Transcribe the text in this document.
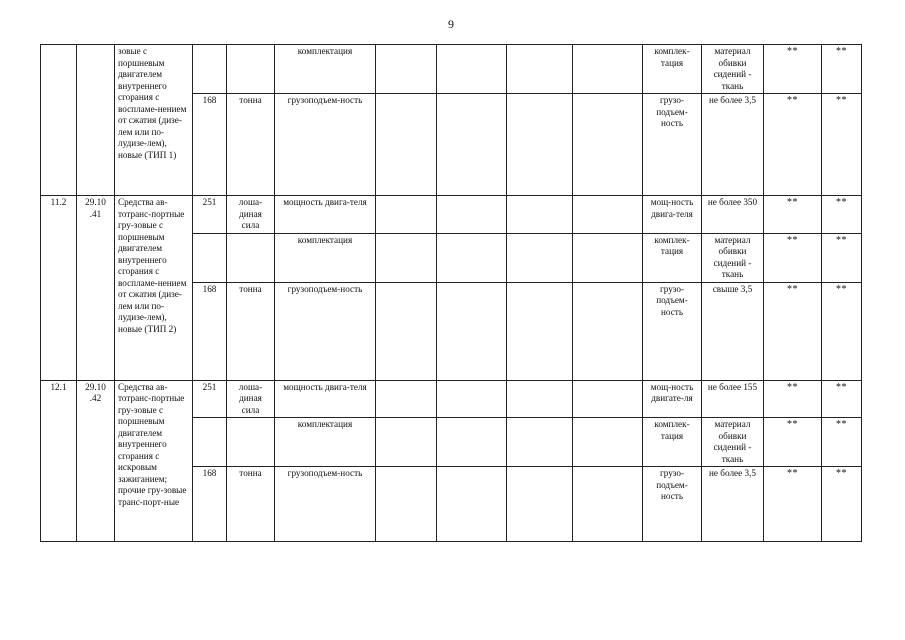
9
		зовые с поршневым двигателем внутреннего сгорания с воспламе-нением от сжатия (дизе-лем или по-лудизе-лем), новые (ТИП 1)			комплектация					комплек-тация	материал обивки сидений - ткань	**	**
			168	тонна	грузоподъем-ность					грузо-подъем-ность	не более 3,5	**	**
11.2	29.10 .41	Средства ав-тотранс-портные гру-зовые с поршневым двигателем внутреннего сгорания с воспламе-нением от сжатия (дизе-лем или по-лудизе-лем), новые (ТИП 2)	251	лоша-диная сила	мощность двига-теля					мощ-ность двига-теля	не более 350	**	**
					комплектация					комплек-тация	материал обивки сидений - ткань	**	**
			168	тонна	грузоподъем-ность					грузо-подъем-ность	свыше 3,5	**	**
12.1	29.10 .42	Средства ав-тотранс-портные гру-зовые с поршневым двигателем внутреннего сгорания с искровым зажиганием; прочие гру-зовые транс-порт-ные	251	лоша-диная сила	мощность двига-теля					мощ-ность двигате-ля	не более 155	**	**
					комплектация					комплек-тация	материал обивки сидений - ткань	**	**
			168	тонна	грузоподъем-ность					грузо-подъем-ность	не более 3,5	**	**
